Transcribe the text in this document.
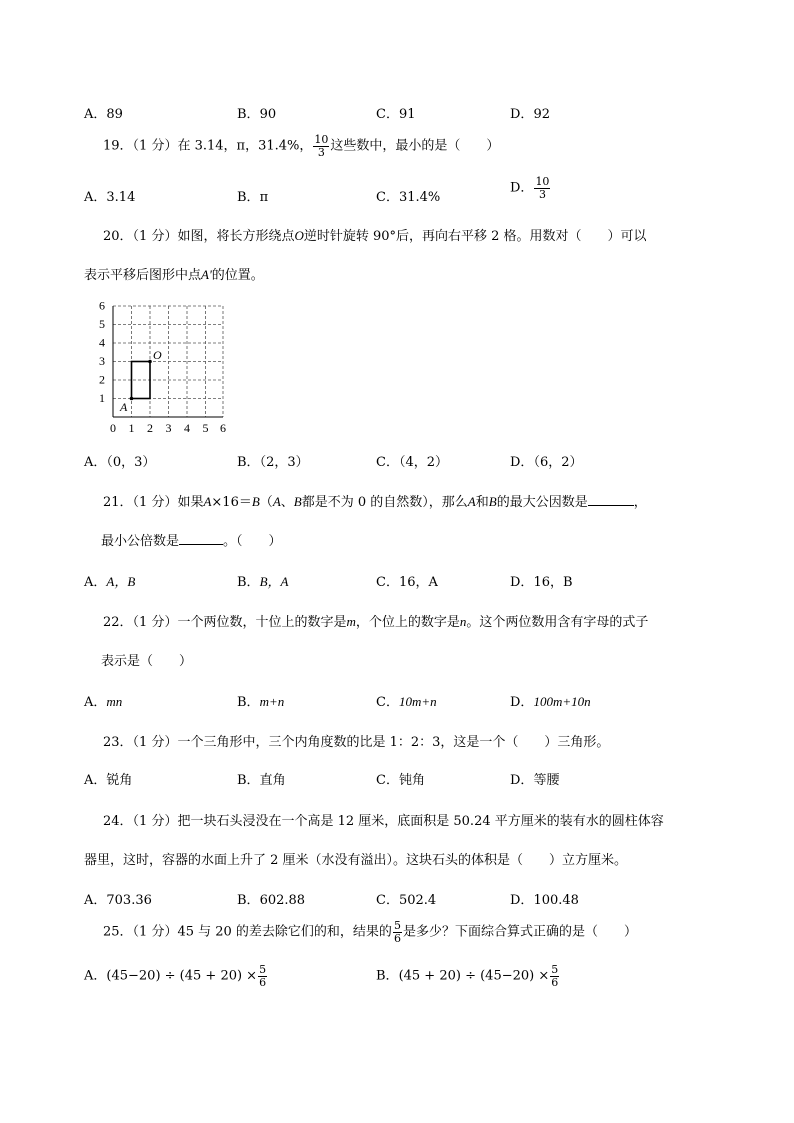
A．89	B．90	C．91	D．92
19．（1 分）在 3.14，π，31.4%， $\frac{10}{3}$ 这些数中，最小的是（　　）
A．3.14	B．π	C．31.4%
D． $\frac{10}{3}$
20．（1 分）如图，将长方形绕点O逆时针旋转 90°后，再向右平移 2 格。用数对（　　）可以
表示平移后图形中点A'的位置。
1
2
3
4
5
6
0 1 2 3 4 5 6
O
A
A．（0，3）	B．（2，3）	C．（4，2）	D．（6，2）
21．（1 分）如果A×16＝B（A、B都是不为 0 的自然数），那么A和B的最大公因数是	，
最小公倍数是	。（　　）
A．A，B	B．B，A	C．16，A	D．16，B
22．（1 分）一个两位数，十位上的数字是m，个位上的数字是n。这个两位数用含有字母的式子
表示是（　　）
A．mn	B．m+n	C．10m+n	D．100m+10n
23．（1 分）一个三角形中，三个内角度数的比是 1：2：3，这是一个（　　）三角形。
A．锐角	B．直角	C．钝角	D．等腰
24．（1 分）把一块石头浸没在一个高是 12 厘米，底面积是 50.24 平方厘米的装有水的圆柱体容
器里，这时，容器的水面上升了 2 厘米（水没有溢出）。这块石头的体积是（　　）立方厘米。
A．703.36	B．602.88	C．502.4	D．100.48
25．（1 分）45 与 20 的差去除它们的和，结果的 $\frac{5}{6}$ 是多少？下面综合算式正确的是（　　）
A．$(45-20) \div (45 + 20) \times \frac{5}{6}$	B．$(45 + 20) \div (45-20) \times \frac{5}{6}$
